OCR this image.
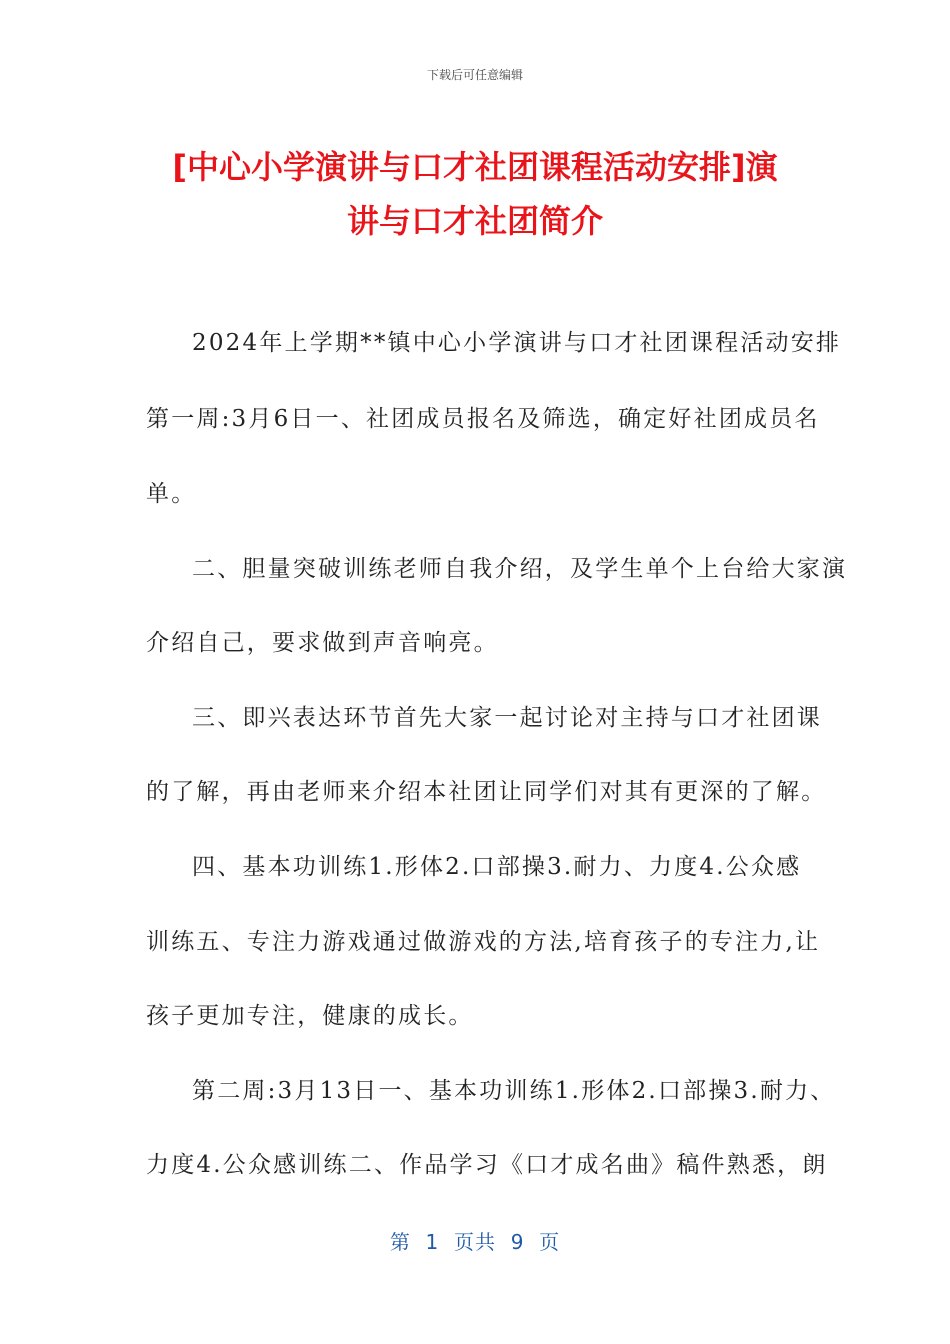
下载后可任意编辑
[中心小学演讲与口才社团课程活动安排]演
讲与口才社团简介
2024年上学期**镇中心小学演讲与口才社团课程活动安排
第一周:3月6日一、社团成员报名及筛选，确定好社团成员名
单。
二、胆量突破训练老师自我介绍，及学生单个上台给大家演
介绍自己，要求做到声音响亮。
三、即兴表达环节首先大家一起讨论对主持与口才社团课
的了解，再由老师来介绍本社团让同学们对其有更深的了解。
四、基本功训练1.形体2.口部操3.耐力、力度4.公众感
训练五、专注力游戏通过做游戏的方法,培育孩子的专注力,让
孩子更加专注，健康的成长。
第二周:3月13日一、基本功训练1.形体2.口部操3.耐力、
力度4.公众感训练二、作品学习《口才成名曲》稿件熟悉，朗
第  1  页共  9  页
